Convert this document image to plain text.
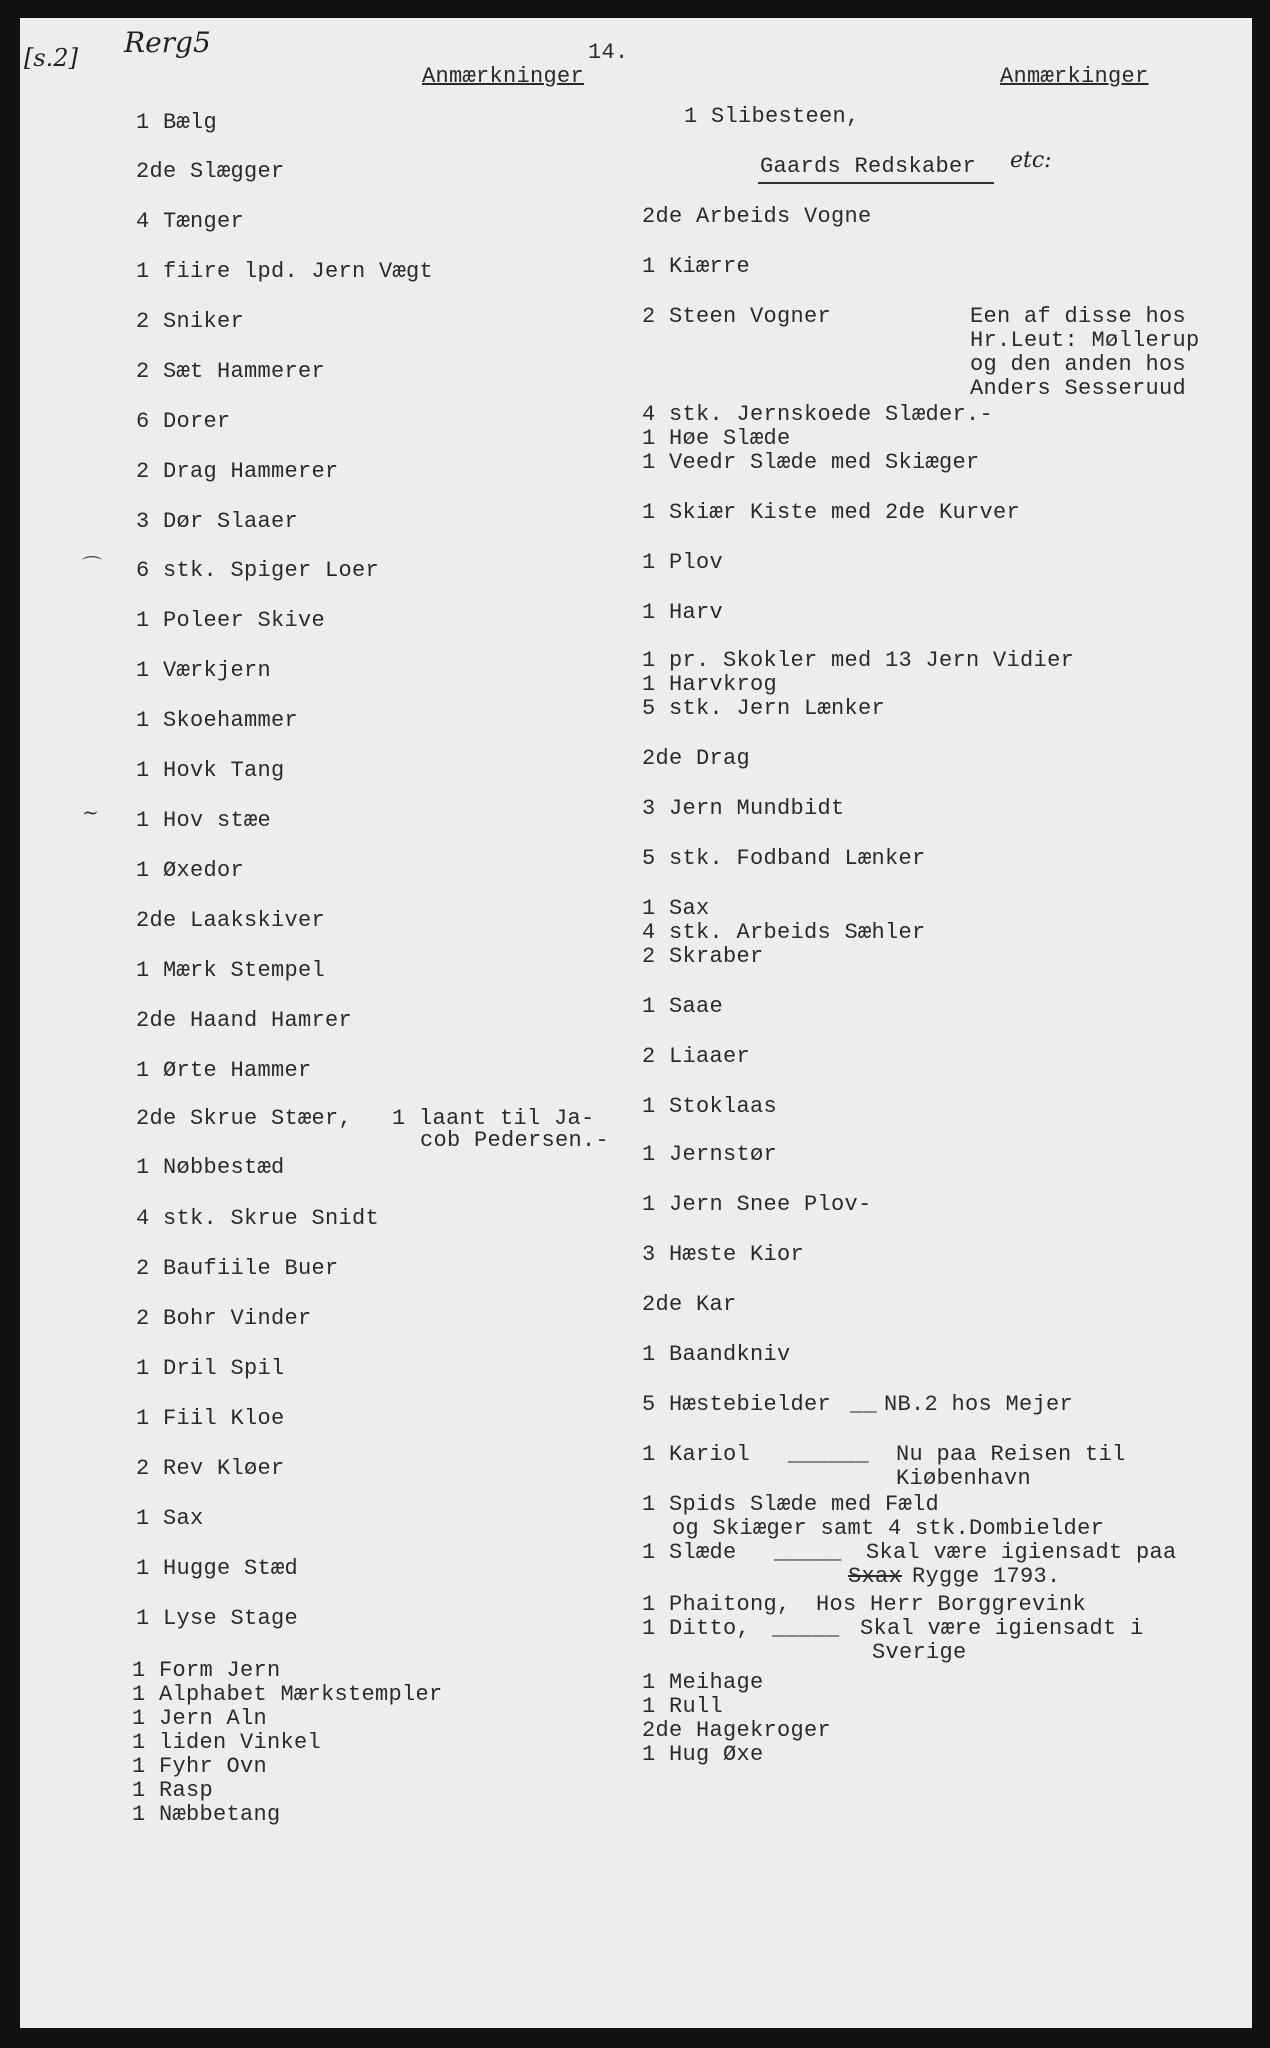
[s.2] Rerg5	14.
Anmærkninger	Anmærkinger
1 Bælg
2de Slægger
4 Tænger
1 fiire lpd. Jern Vægt
2 Sniker
2 Sæt Hammerer
6 Dorer
2 Drag Hammerer
3 Dør Slaaer
⌒ 6 stk. Spiger Loer
1 Poleer Skive
1 Værkjern
1 Skoehammer
1 Hovk Tang
~ 1 Hov stæe
1 Øxedor
2de Laakskiver
1 Mærk Stempel
2de Haand Hamrer
1 Ørte Hammer
2de Skrue Stæer, 1 laant til Ja-
cob Pedersen.-
1 Nøbbestæd
4 stk. Skrue Snidt
2 Baufiile Buer
2 Bohr Vinder
1 Dril Spil
1 Fiil Kloe
2 Rev Kløer
1 Sax
1 Hugge Stæd
1 Lyse Stage
1 Form Jern
1 Alphabet Mærkstempler
1 Jern Aln
1 liden Vinkel
1 Fyhr Ovn
1 Rasp
1 Næbbetang
1 Slibesteen,
Gaards Redskaber etc:
2de Arbeids Vogne
1 Kiærre
2 Steen Vogner	Een af disse hos
Hr.Leut: Møllerup
og den anden hos
Anders Sesseruud
4 stk. Jernskoede Slæder.-
1 Høe Slæde
1 Veedr Slæde med Skiæger
1 Skiær Kiste med 2de Kurver
1 Plov
1 Harv
1 pr. Skokler med 13 Jern Vidier
1 Harvkrog
5 stk. Jern Lænker
2de Drag
3 Jern Mundbidt
5 stk. Fodband Lænker
1 Sax
4 stk. Arbeids Sæhler
2 Skraber
1 Saae
2 Liaaer
1 Stoklaas
1 Jernstør
1 Jern Snee Plov-
3 Hæste Kior
2de Kar
1 Baandkniv
5 Hæstebielder __ NB.2 hos Mejer
1 Kariol ______ Nu paa Reisen til
Kiøbenhavn
1 Spids Slæde med Fæld
og Skiæger samt 4 stk.Dombielder
1 Slæde _____ Skal være igiensadt paa
Sxax Rygge 1793.
1 Phaitong, Hos Herr Borggrevink
1 Ditto, _____ Skal være igiensadt i
Sverige
1 Meihage
1 Rull
2de Hagekroger
1 Hug Øxe
